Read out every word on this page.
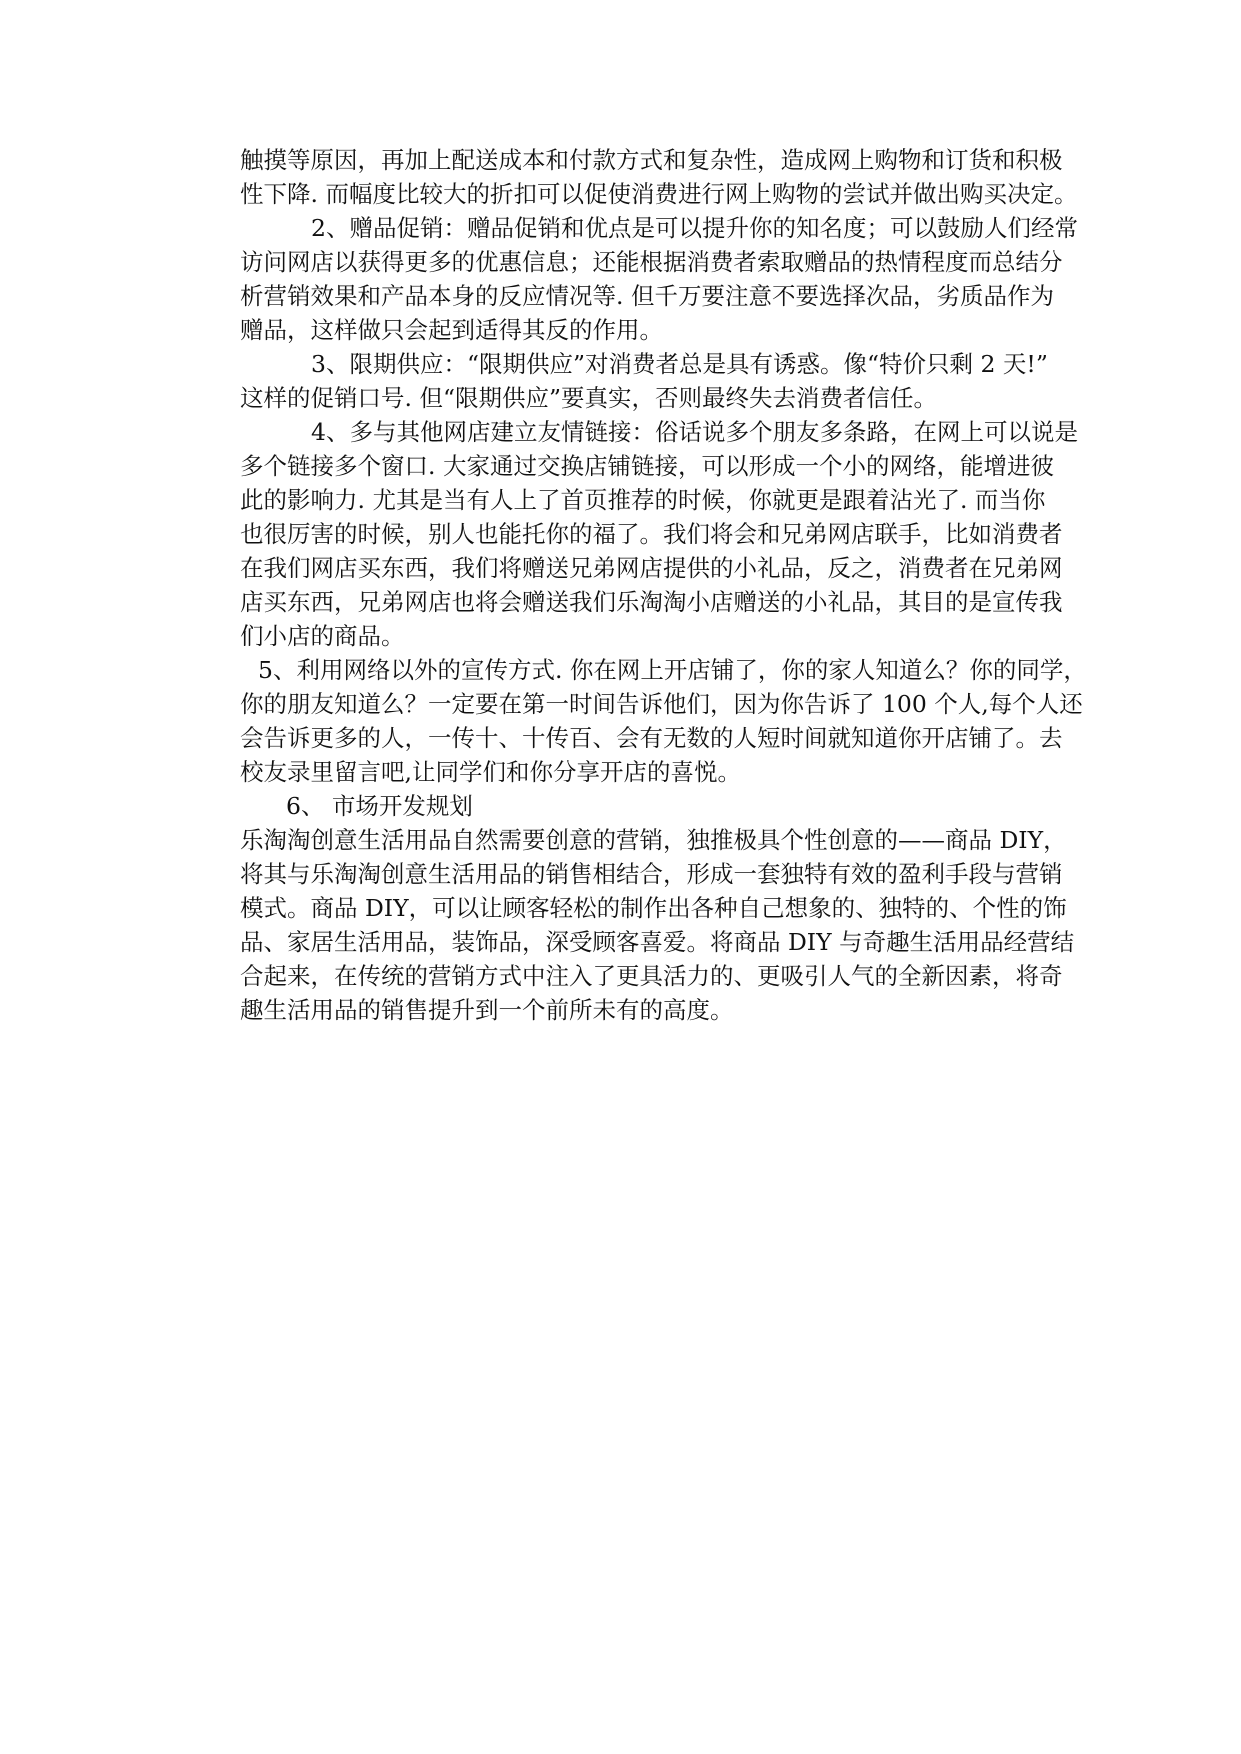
触摸等原因，再加上配送成本和付款方式和复杂性，造成网上购物和订货和积极
性下降. 而幅度比较大的折扣可以促使消费进行网上购物的尝试并做出购买决定。
2、赠品促销：赠品促销和优点是可以提升你的知名度；可以鼓励人们经常
访问网店以获得更多的优惠信息；还能根据消费者索取赠品的热情程度而总结分
析营销效果和产品本身的反应情况等. 但千万要注意不要选择次品，劣质品作为
赠品，这样做只会起到适得其反的作用。
3、限期供应：“限期供应”对消费者总是具有诱惑。像“特价只剩 2 天!”
这样的促销口号. 但“限期供应”要真实，否则最终失去消费者信任。
4、多与其他网店建立友情链接：俗话说多个朋友多条路，在网上可以说是
多个链接多个窗口. 大家通过交换店铺链接，可以形成一个小的网络，能增进彼
此的影响力. 尤其是当有人上了首页推荐的时候，你就更是跟着沾光了. 而当你
也很厉害的时候，别人也能托你的福了。我们将会和兄弟网店联手，比如消费者
在我们网店买东西，我们将赠送兄弟网店提供的小礼品，反之，消费者在兄弟网
店买东西，兄弟网店也将会赠送我们乐淘淘小店赠送的小礼品，其目的是宣传我
们小店的商品。
5、利用网络以外的宣传方式. 你在网上开店铺了，你的家人知道么？你的同学，
你的朋友知道么？一定要在第一时间告诉他们，因为你告诉了 100 个人,每个人还
会告诉更多的人，一传十、十传百、会有无数的人短时间就知道你开店铺了。去
校友录里留言吧,让同学们和你分享开店的喜悦。
6、 市场开发规划
乐淘淘创意生活用品自然需要创意的营销，独推极具个性创意的——商品 DIY，
将其与乐淘淘创意生活用品的销售相结合，形成一套独特有效的盈利手段与营销
模式。商品 DIY，可以让顾客轻松的制作出各种自己想象的、独特的、个性的饰
品、家居生活用品，装饰品，深受顾客喜爱。将商品 DIY 与奇趣生活用品经营结
合起来，在传统的营销方式中注入了更具活力的、更吸引人气的全新因素，将奇
趣生活用品的销售提升到一个前所未有的高度。
